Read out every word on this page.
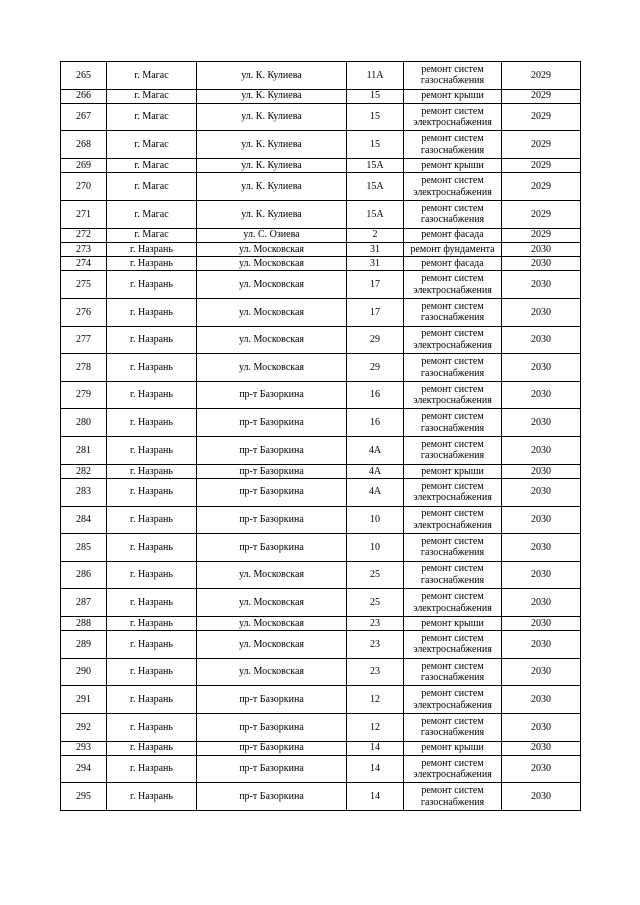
265	г. Магас	ул. К. Кулиева	11А	ремонт систем
газоснабжения	2029
266	г. Магас	ул. К. Кулиева	15	ремонт крыши	2029
267	г. Магас	ул. К. Кулиева	15	ремонт систем
электроснабжения	2029
268	г. Магас	ул. К. Кулиева	15	ремонт систем
газоснабжения	2029
269	г. Магас	ул. К. Кулиева	15А	ремонт крыши	2029
270	г. Магас	ул. К. Кулиева	15А	ремонт систем
электроснабжения	2029
271	г. Магас	ул. К. Кулиева	15А	ремонт систем
газоснабжения	2029
272	г. Магас	ул. С. Озиева	2	ремонт фасада	2029
273	г. Назрань	ул. Московская	31	ремонт фундамента	2030
274	г. Назрань	ул. Московская	31	ремонт фасада	2030
275	г. Назрань	ул. Московская	17	ремонт систем
электроснабжения	2030
276	г. Назрань	ул. Московская	17	ремонт систем
газоснабжения	2030
277	г. Назрань	ул. Московская	29	ремонт систем
электроснабжения	2030
278	г. Назрань	ул. Московская	29	ремонт систем
газоснабжения	2030
279	г. Назрань	пр-т Базоркина	16	ремонт систем
электроснабжения	2030
280	г. Назрань	пр-т Базоркина	16	ремонт систем
газоснабжения	2030
281	г. Назрань	пр-т Базоркина	4А	ремонт систем
газоснабжения	2030
282	г. Назрань	пр-т Базоркина	4А	ремонт крыши	2030
283	г. Назрань	пр-т Базоркина	4А	ремонт систем
электроснабжения	2030
284	г. Назрань	пр-т Базоркина	10	ремонт систем
электроснабжения	2030
285	г. Назрань	пр-т Базоркина	10	ремонт систем
газоснабжения	2030
286	г. Назрань	ул. Московская	25	ремонт систем
газоснабжения	2030
287	г. Назрань	ул. Московская	25	ремонт систем
электроснабжения	2030
288	г. Назрань	ул. Московская	23	ремонт крыши	2030
289	г. Назрань	ул. Московская	23	ремонт систем
электроснабжения	2030
290	г. Назрань	ул. Московская	23	ремонт систем
газоснабжения	2030
291	г. Назрань	пр-т Базоркина	12	ремонт систем
электроснабжения	2030
292	г. Назрань	пр-т Базоркина	12	ремонт систем
газоснабжения	2030
293	г. Назрань	пр-т Базоркина	14	ремонт крыши	2030
294	г. Назрань	пр-т Базоркина	14	ремонт систем
электроснабжения	2030
295	г. Назрань	пр-т Базоркина	14	ремонт систем
газоснабжения	2030
